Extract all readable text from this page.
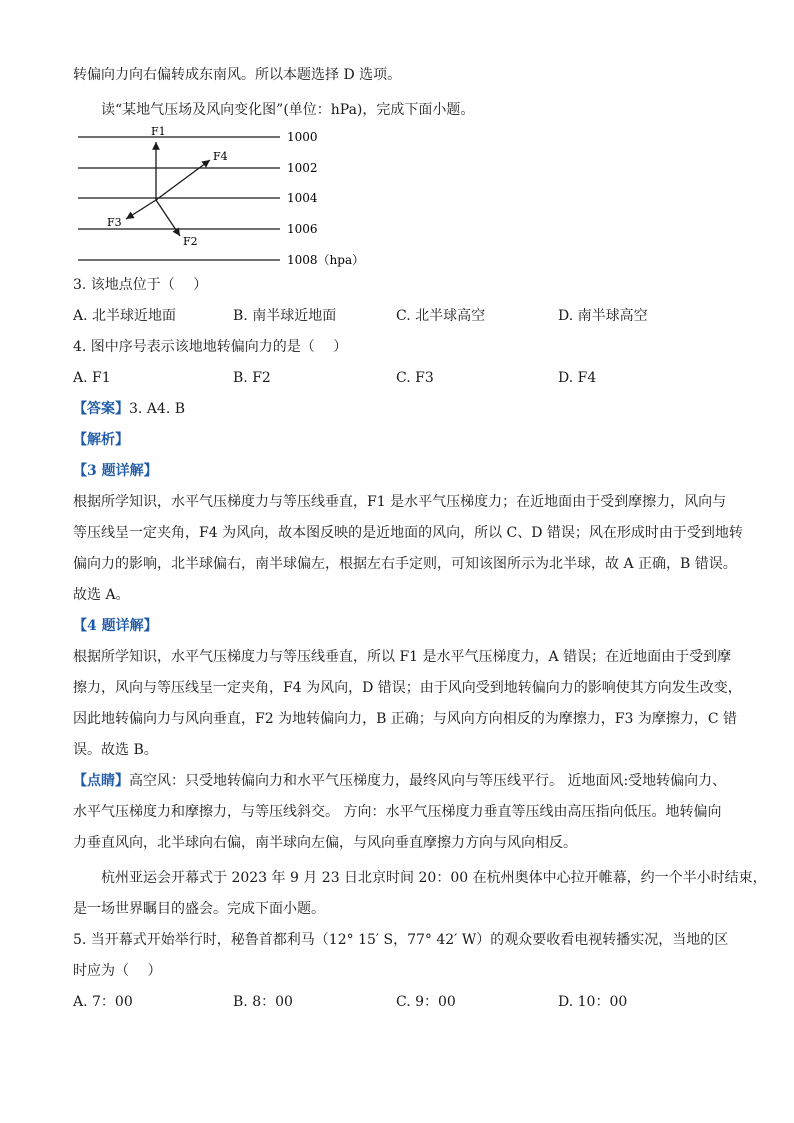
转偏向力向右偏转成东南风。所以本题选择 D 选项。
读“某地气压场及风向变化图”(单位：hPa)，完成下面小题。
1000
1002
1004
1006
1008（hpa）
F1
F4
F3
F2
3. 该地点位于（　 ）
A. 北半球近地面	B. 南半球近地面	C. 北半球高空	D. 南半球高空
4. 图中序号表示该地地转偏向力的是（　 ）
A. F1	B. F2	C. F3	D. F4
【答案】3. A4. B
【解析】
【3 题详解】
根据所学知识，水平气压梯度力与等压线垂直，F1 是水平气压梯度力；在近地面由于受到摩擦力，风向与
等压线呈一定夹角，F4 为风向，故本图反映的是近地面的风向，所以 C、D 错误；风在形成时由于受到地转
偏向力的影响，北半球偏右，南半球偏左，根据左右手定则，可知该图所示为北半球，故 A 正确，B 错误。
故选 A。
【4 题详解】
根据所学知识，水平气压梯度力与等压线垂直，所以 F1 是水平气压梯度力，A 错误；在近地面由于受到摩
擦力，风向与等压线呈一定夹角，F4 为风向，D 错误；由于风向受到地转偏向力的影响使其方向发生改变，
因此地转偏向力与风向垂直，F2 为地转偏向力，B 正确；与风向方向相反的为摩擦力，F3 为摩擦力，C 错
误。故选 B。
【点睛】高空风：只受地转偏向力和水平气压梯度力，最终风向与等压线平行。 近地面风:受地转偏向力、
水平气压梯度力和摩擦力，与等压线斜交。 方向：水平气压梯度力垂直等压线由高压指向低压。地转偏向
力垂直风向，北半球向右偏，南半球向左偏，与风向垂直摩擦力方向与风向相反。
杭州亚运会开幕式于 2023 年 9 月 23 日北京时间 20：00 在杭州奥体中心拉开帷幕，约一个半小时结束，
是一场世界瞩目的盛会。完成下面小题。
5. 当开幕式开始举行时，秘鲁首都利马（12° 15′ S，77° 42′ W）的观众要收看电视转播实况，当地的区
时应为（　 ）
A. 7：00	B. 8：00	C. 9：00	D. 10：00
